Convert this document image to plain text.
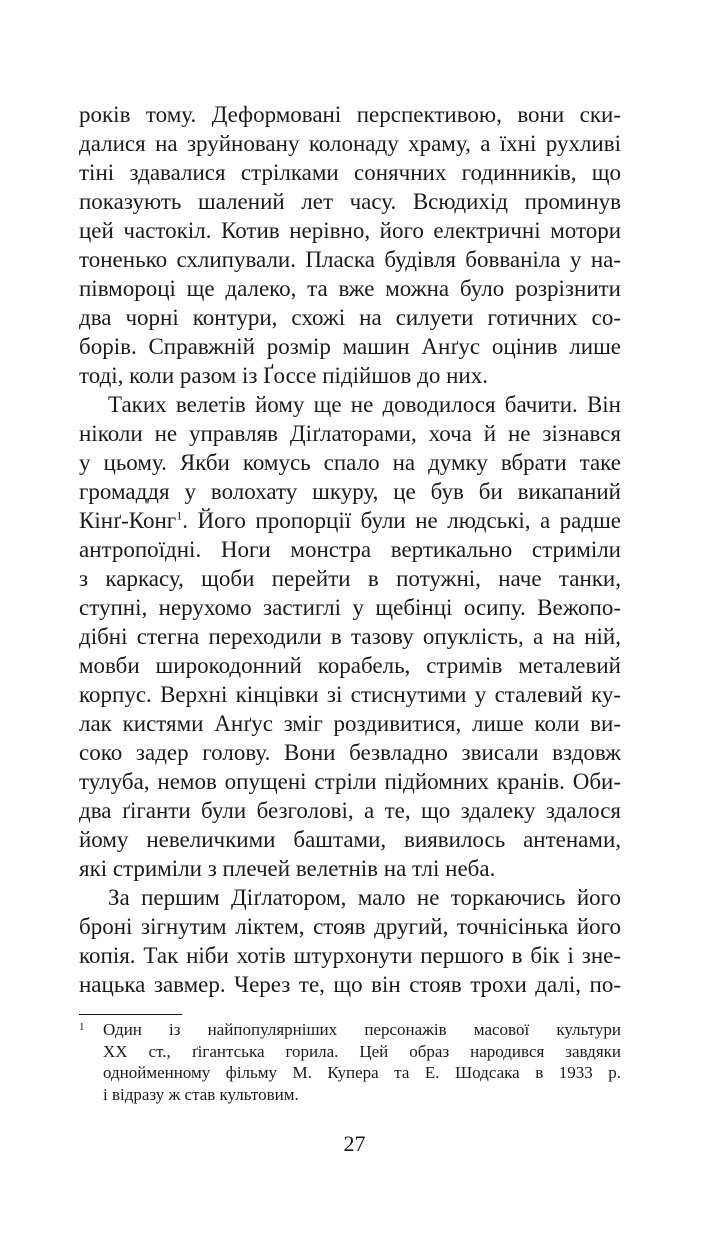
років тому. Деформовані перспективою, вони ски-
далися на зруйновану колонаду храму, а їхні рухливі
тіні здавалися стрілками сонячних годинників, що
показують шалений лет часу. Всюдихід проминув
цей частокіл. Котив нерівно, його електричні мотори
тоненько схлипували. Пласка будівля бовваніла у на-
півмороці ще далеко, та вже можна було розрізнити
два чорні контури, схожі на силуети готичних со-
борів. Справжній розмір машин Анґус оцінив лише
тоді, коли разом із Ґоссе підійшов до них.
Таких велетів йому ще не доводилося бачити. Він
ніколи не управляв Діґлаторами, хоча й не зізнався
у цьому. Якби комусь спало на думку вбрати таке
громаддя у волохату шкуру, це був би викапаний
Кінґ-Конг$^1$. Його пропорції були не людські, а радше
антропоїдні. Ноги монстра вертикально стриміли
з каркасу, щоби перейти в потужні, наче танки,
ступні, нерухомо застиглі у щебінці осипу. Вежопо-
дібні стегна переходили в тазову опуклість, а на ній,
мовби широкодонний корабель, стримів металевий
корпус. Верхні кінцівки зі стиснутими у сталевий ку-
лак кистями Анґус зміг роздивитися, лише коли ви-
соко задер голову. Вони безвладно звисали вздовж
тулуба, немов опущені стріли підйомних кранів. Оби-
два ґіганти були безголові, а те, що здалеку здалося
йому невеличкими баштами, виявилось антенами,
які стриміли з плечей велетнів на тлі неба.
За першим Діґлатором, мало не торкаючись його
броні зігнутим ліктем, стояв другий, точнісінька його
копія. Так ніби хотів штурхонути першого в бік і зне-
нацька завмер. Через те, що він стояв трохи далі, по-
1 Один із найпопулярніших персонажів масової культури
XX ст., ґігантська горила. Цей образ народився завдяки
однойменному фільму М. Купера та Е. Шодсака в 1933 р.
і відразу ж став культовим.
27
